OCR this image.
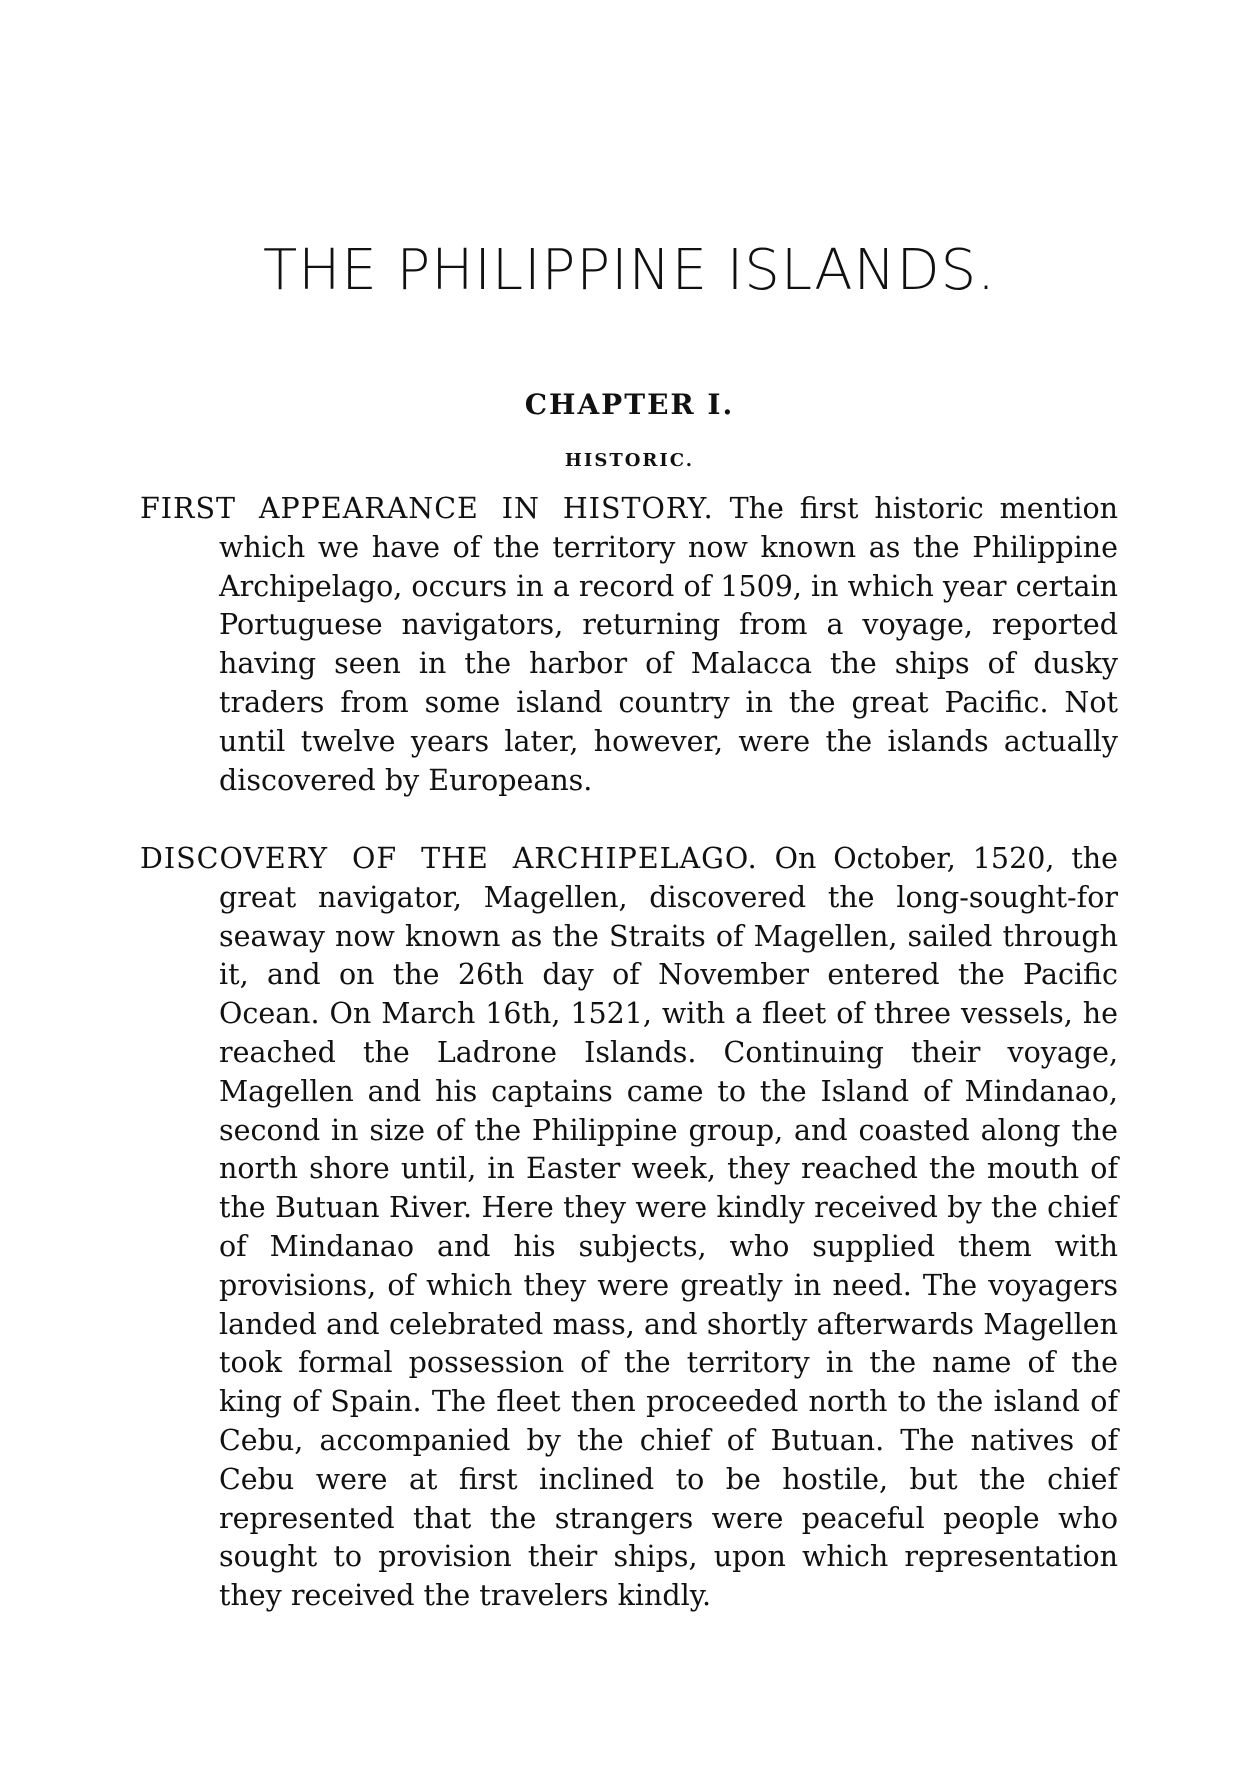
THE PHILIPPINE ISLANDS.
CHAPTER I.
HISTORIC.

FIRST APPEARANCE IN HISTORY. The first historic mention which we have of the territory now known as the Philippine Archipelago, occurs in a record of 1509, in which year certain Portuguese navigators, returning from a voyage, reported having seen in the harbor of Malacca the ships of dusky traders from some island country in the great Pacific. Not until twelve years later, however, were the islands actually discovered by Europeans.

DISCOVERY OF THE ARCHIPELAGO. On October, 1520, the great navigator, Magellen, discovered the long-sought-for seaway now known as the Straits of Magellen, sailed through it, and on the 26th day of November entered the Pacific Ocean. On March 16th, 1521, with a fleet of three vessels, he reached the Ladrone Islands. Continuing their voyage, Magellen and his captains came to the Island of Mindanao, second in size of the Philippine group, and coasted along the north shore until, in Easter week, they reached the mouth of the Butuan River. Here they were kindly received by the chief of Mindanao and his subjects, who supplied them with provisions, of which they were greatly in need. The voyagers landed and celebrated mass, and shortly afterwards Magellen took formal possession of the territory in the name of the king of Spain. The fleet then proceeded north to the island of Cebu, accompanied by the chief of Butuan. The natives of Cebu were at first inclined to be hostile, but the chief represented that the strangers were peaceful people who sought to provision their ships, upon which representation they received the travelers kindly.
